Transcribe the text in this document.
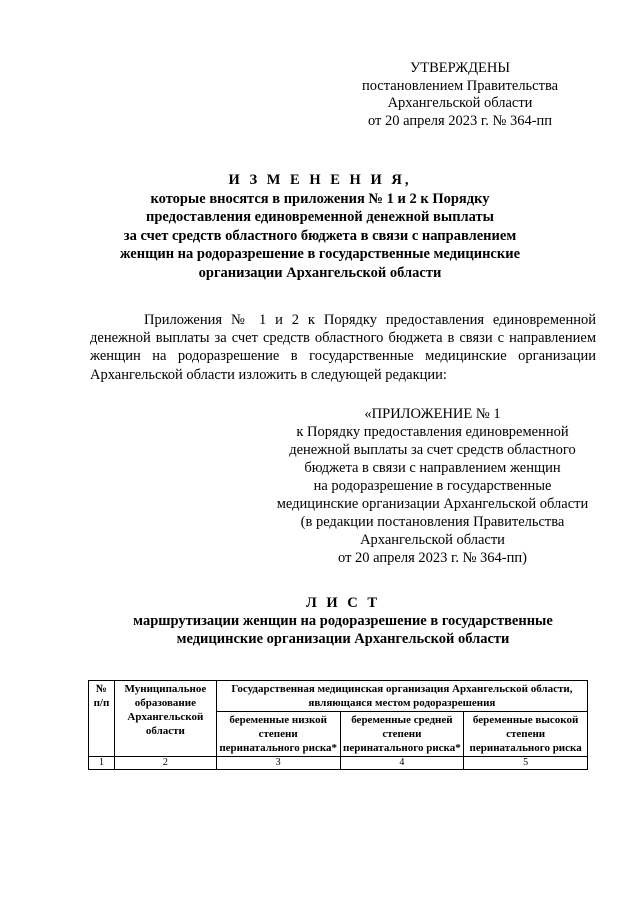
УТВЕРЖДЕНЫ
постановлением Правительства
Архангельской области
от 20 апреля 2023 г. № 364-пп
И З М Е Н Е Н И Я,
которые вносятся в приложения № 1 и 2 к Порядку
предоставления единовременной денежной выплаты
за счет средств областного бюджета в связи с направлением
женщин на родоразрешение в государственные медицинские
организации Архангельской области

Приложения № 1 и 2 к Порядку предоставления единовременной денежной выплаты за счет средств областного бюджета в связи с направлением женщин на родоразрешение в государственные медицинские организации Архангельской области изложить в следующей редакции:

«ПРИЛОЖЕНИЕ № 1
к Порядку предоставления единовременной
денежной выплаты за счет средств областного
бюджета в связи с направлением женщин
на родоразрешение в государственные
медицинские организации Архангельской области
(в редакции постановления Правительства
Архангельской области
от 20 апреля 2023 г. № 364-пп)
Л И С Т
маршрутизации женщин на родоразрешение в государственные
медицинские организации Архангельской области
№ п/п	Муниципальное образование Архангельской области	Государственная медицинская организация Архангельской области, являющаяся местом родоразрешения		
		беременные низкой степени перинатального риска*	беременные средней степени перинатального риска*	беременные высокой степени перинатального риска
1	2	3	4	5
